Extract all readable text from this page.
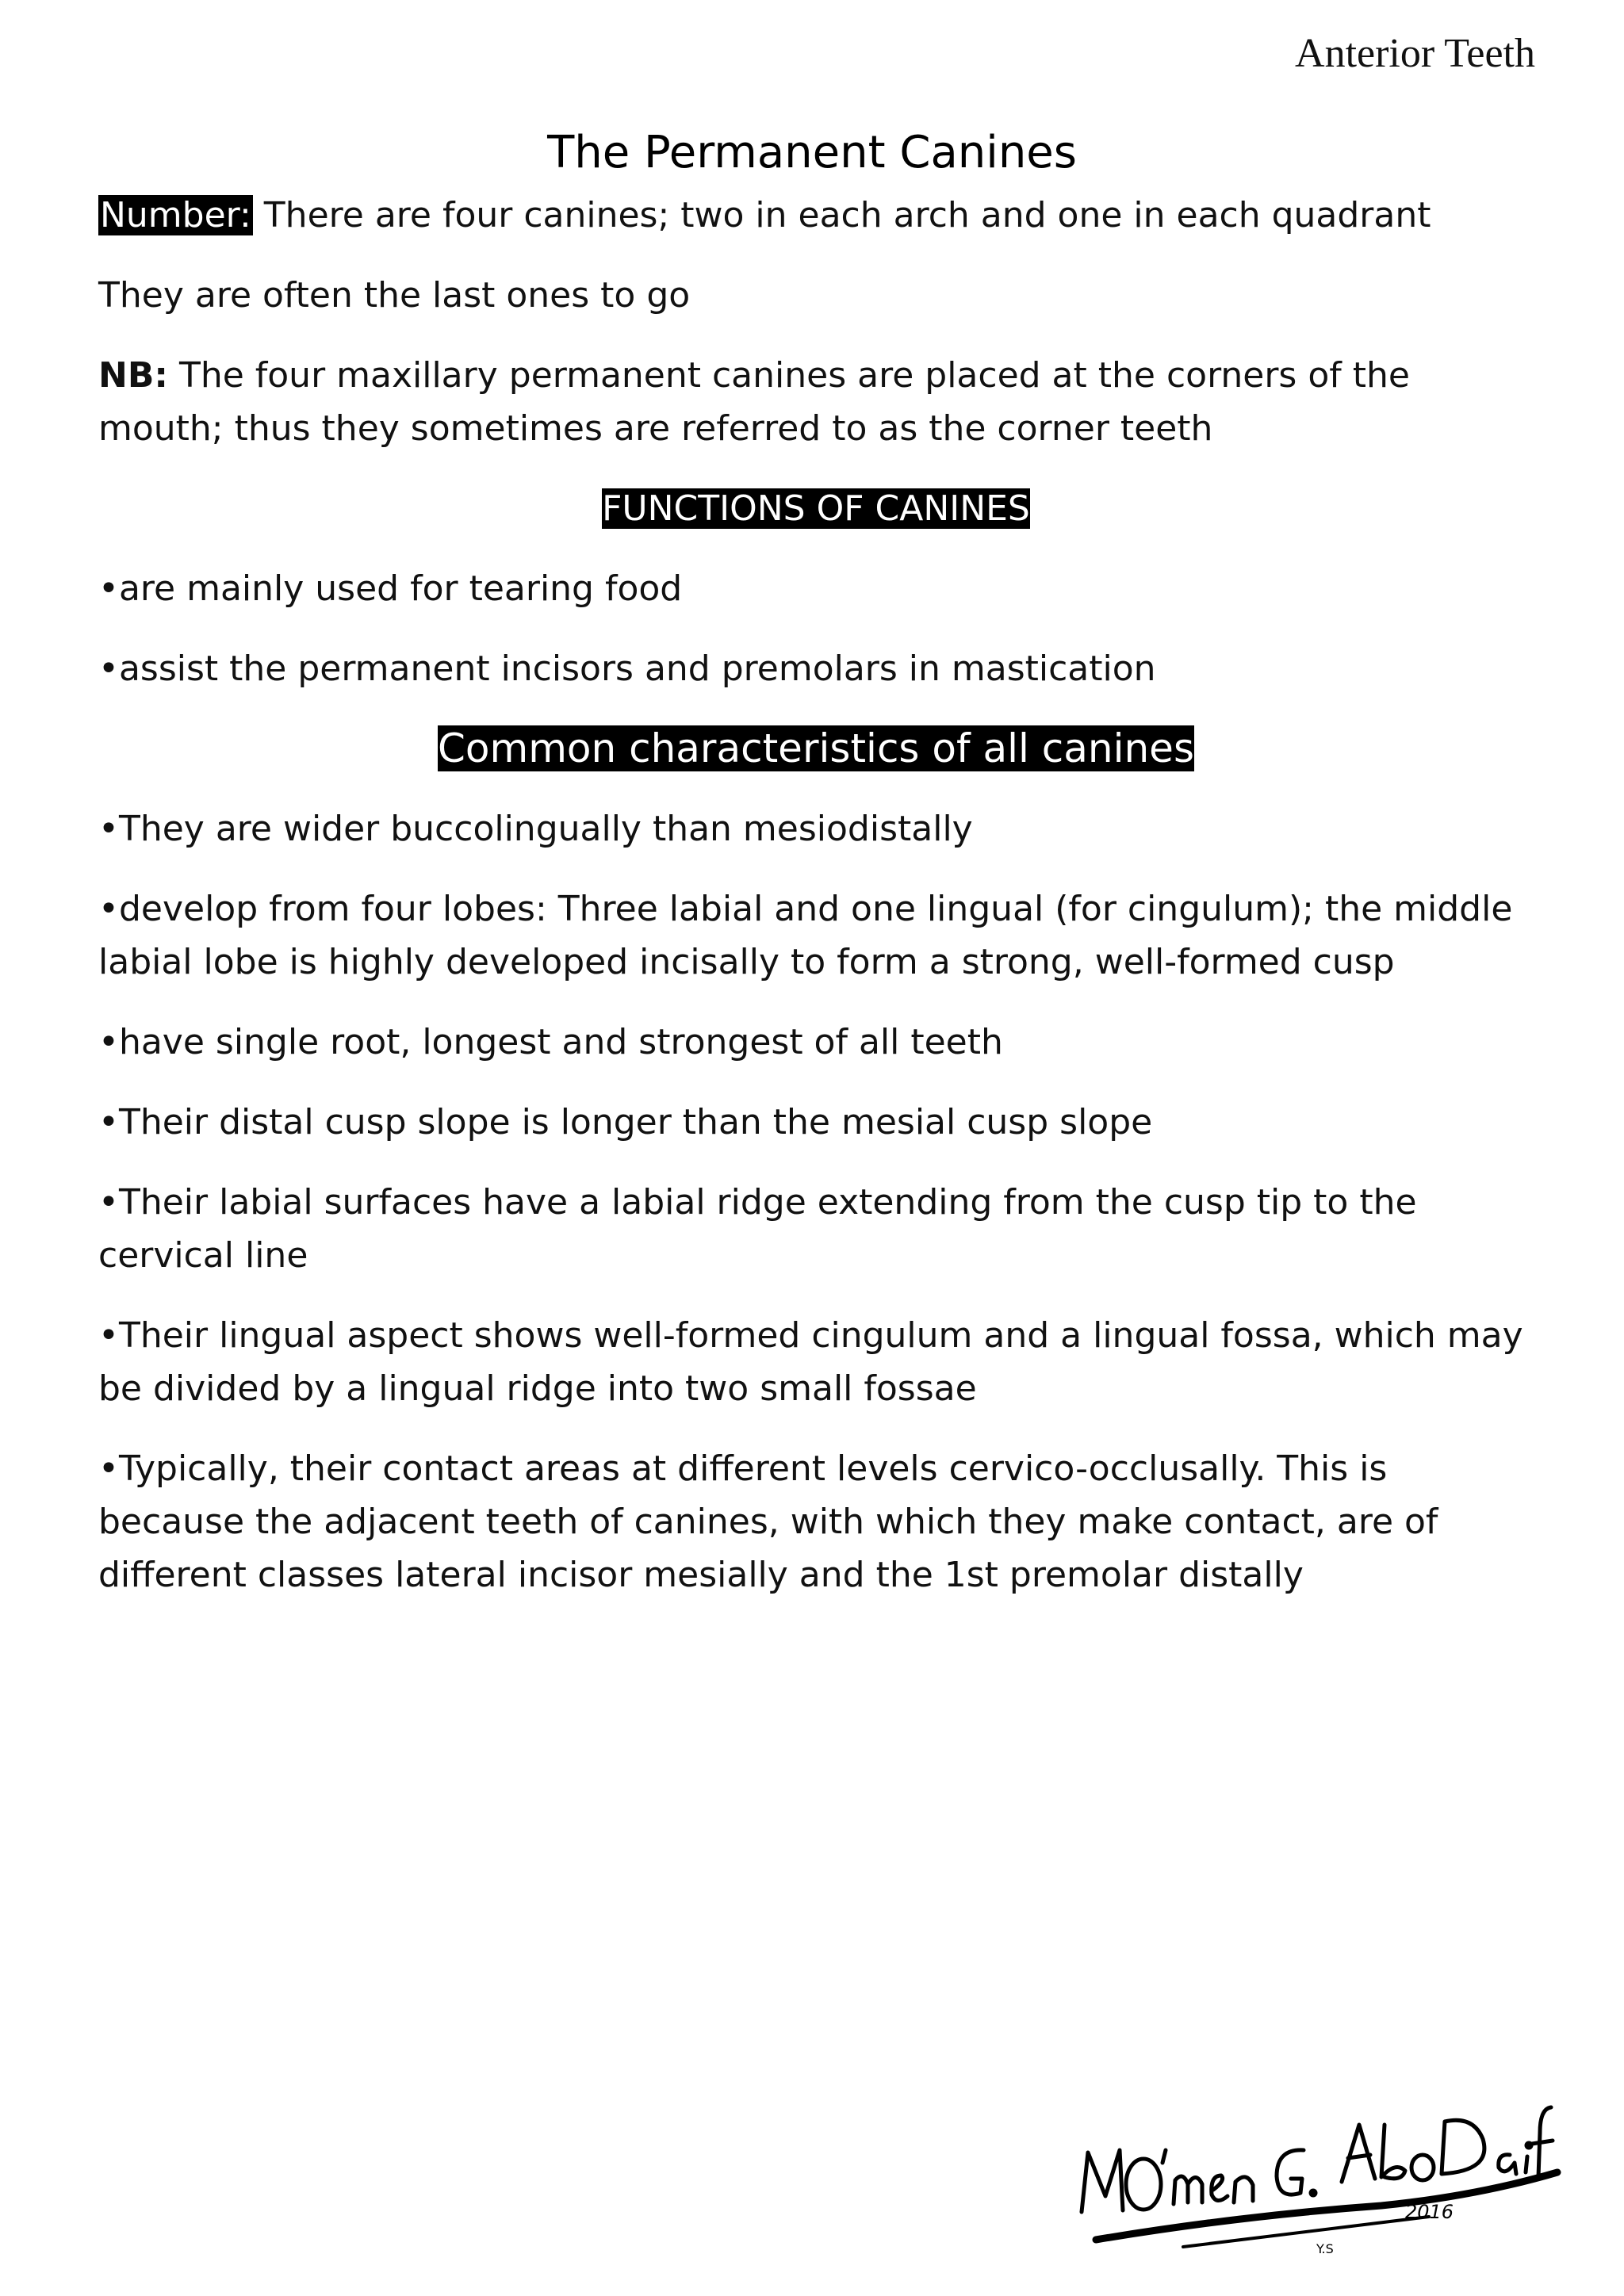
Anterior Teeth
The Permanent Canines

Number: There are four canines; two in each arch and one in each quadrant

They are often the last ones to go

NB: The four maxillary permanent canines are placed at the corners of the mouth; thus they sometimes are referred to as the corner teeth

FUNCTIONS OF CANINES

•are mainly used for tearing food

•assist the permanent incisors and premolars in mastication

Common characteristics of all canines

•They are wider buccolingually than mesiodistally

•develop from four lobes: Three labial and one lingual (for cingulum); the middle labial lobe is highly developed incisally to form a strong, well-formed cusp

•have single root, longest and strongest of all teeth

•Their distal cusp slope is longer than the mesial cusp slope

•Their labial surfaces have a labial ridge extending from the cusp tip to the cervical line

•Their lingual aspect shows well-formed cingulum and a lingual fossa, which may be divided by a lingual ridge into two small fossae

•Typically, their contact areas at different levels cervico-occlusally. This is because the adjacent teeth of canines, with which they make contact, are of different classes lateral incisor mesially and the 1st premolar distally

2016
Y.S
